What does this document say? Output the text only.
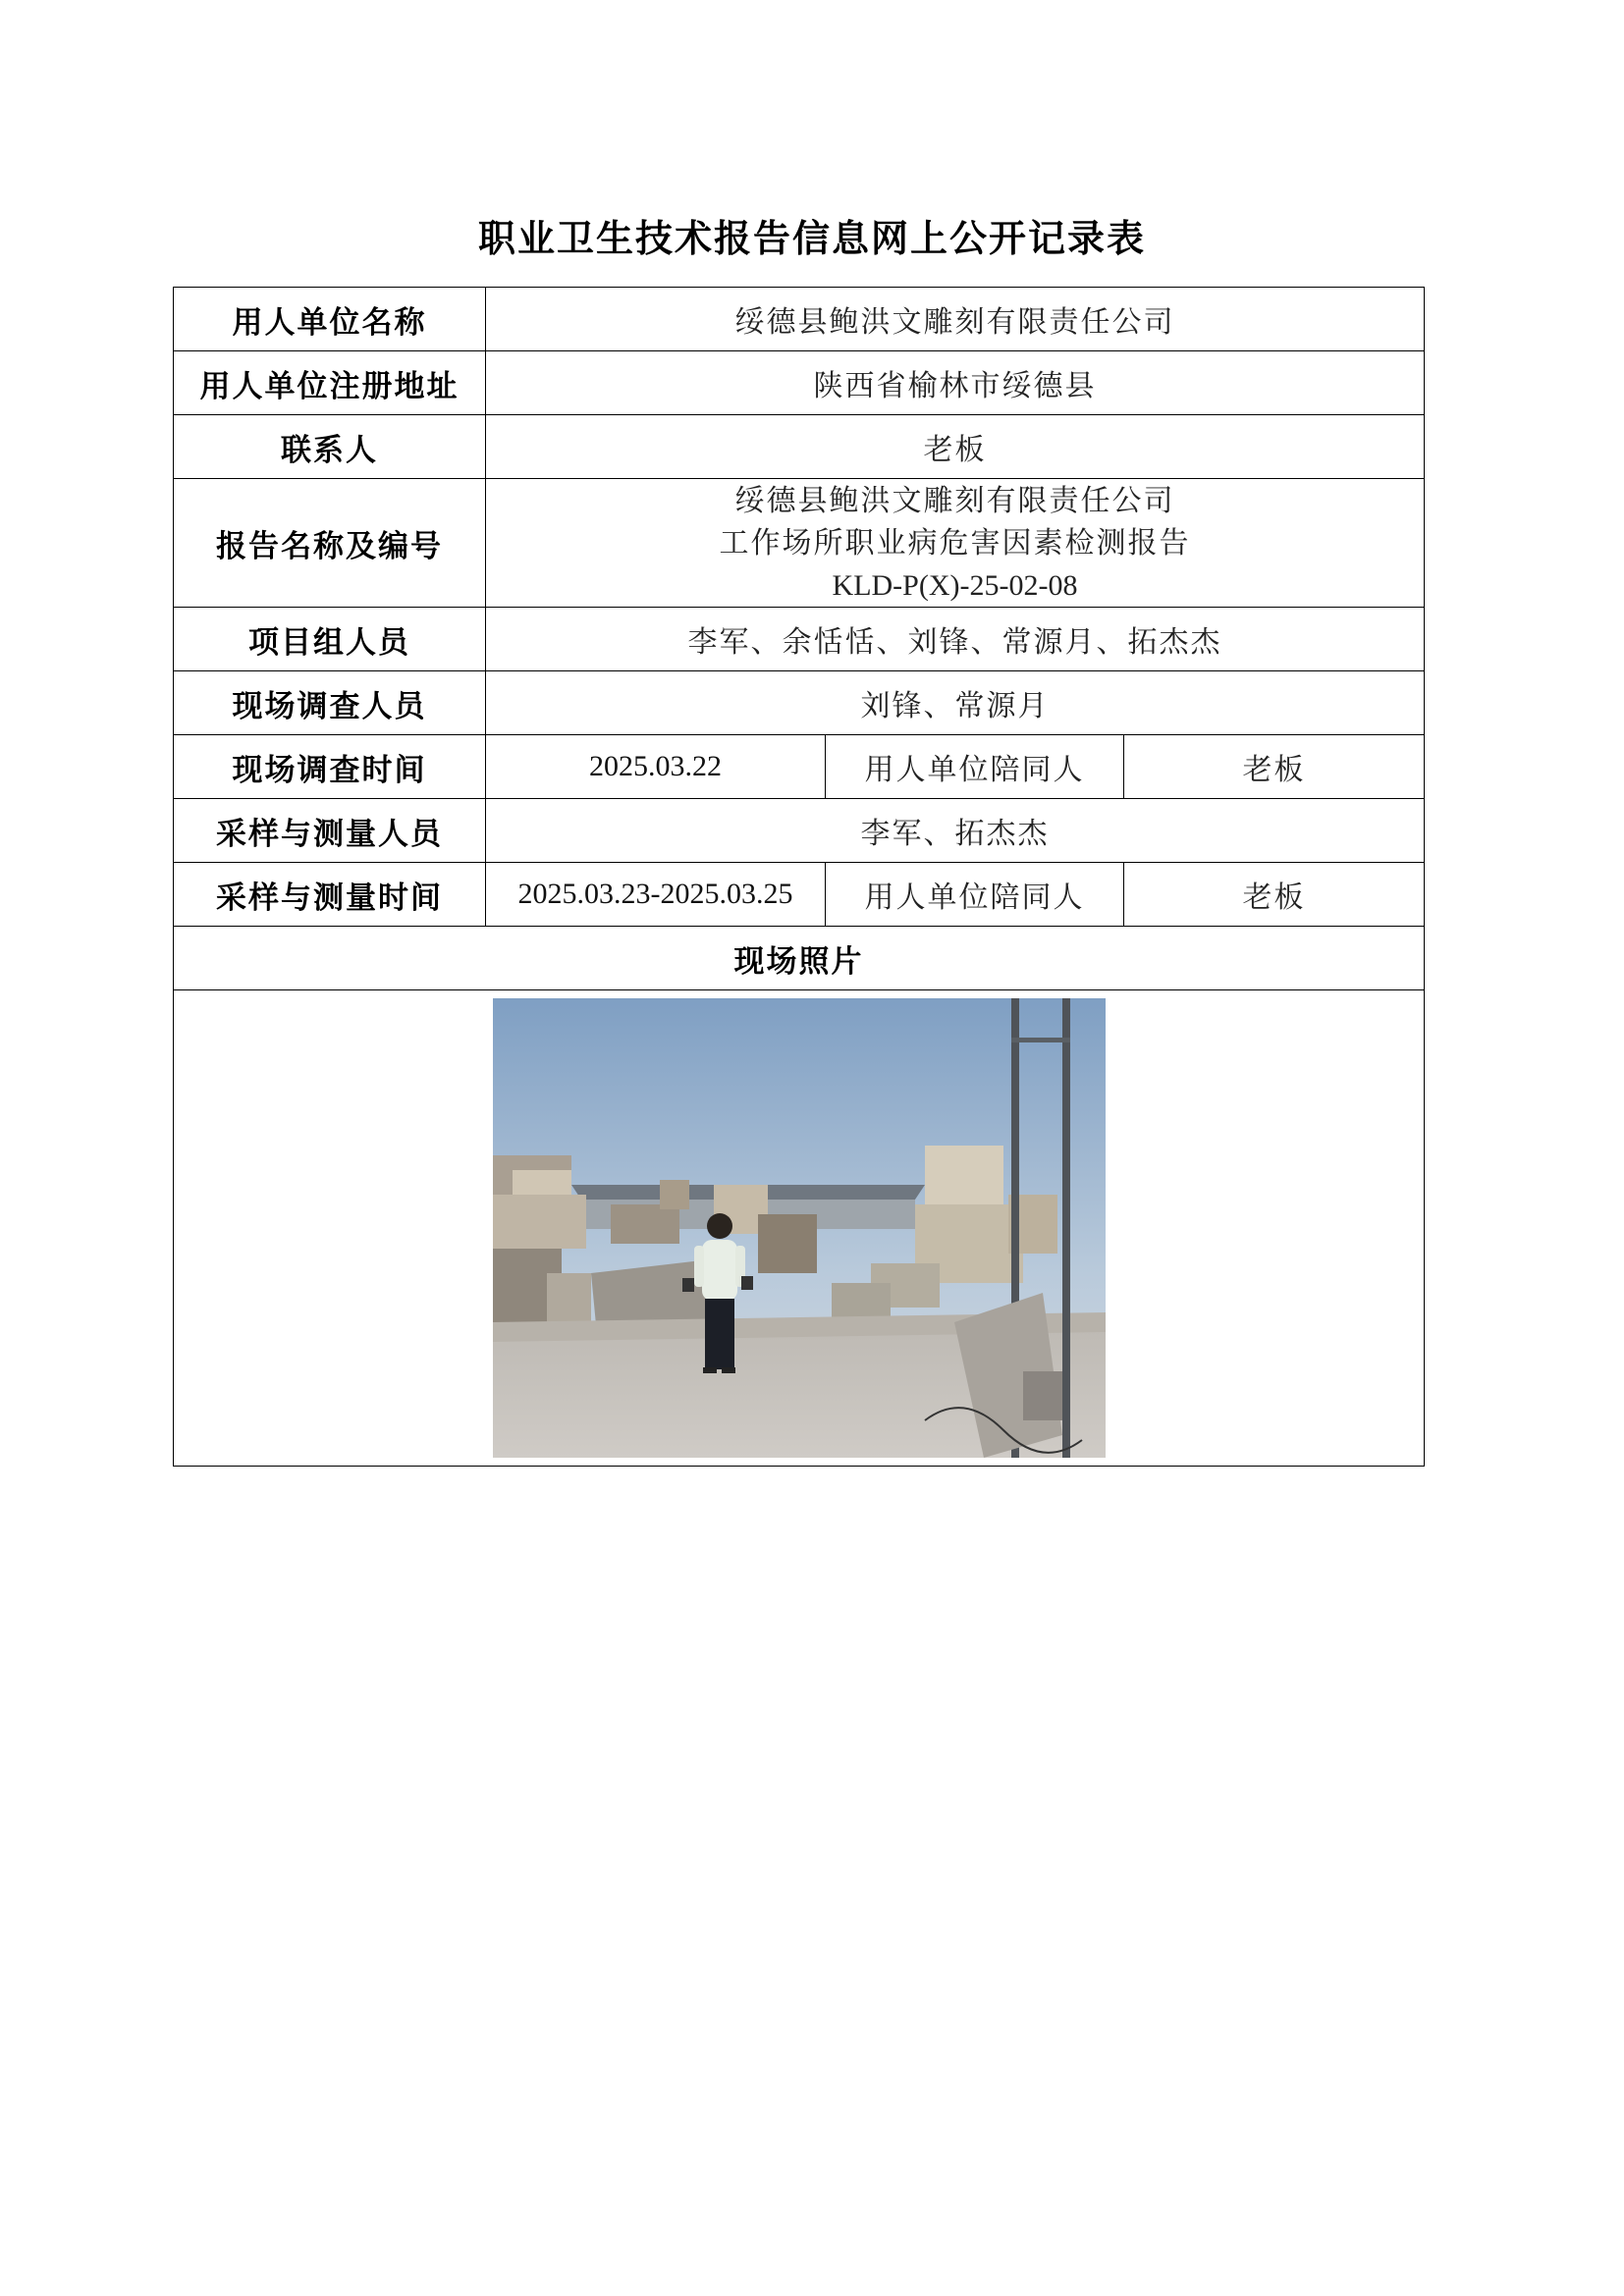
职业卫生技术报告信息网上公开记录表
用人单位名称	绥德县鲍洪文雕刻有限责任公司		
用人单位注册地址	陕西省榆林市绥德县		
联系人	老板		
报告名称及编号	绥德县鲍洪文雕刻有限责任公司
工作场所职业病危害因素检测报告
KLD-P(X)-25-02-08		

项目组人员	李军、余恬恬、刘锋、常源月、拓杰杰		
现场调查人员	刘锋、常源月		
现场调查时间	2025.03.22	用人单位陪同人	老板
采样与测量人员	李军、拓杰杰		
采样与测量时间	2025.03.23-2025.03.25	用人单位陪同人	老板
现场照片			
